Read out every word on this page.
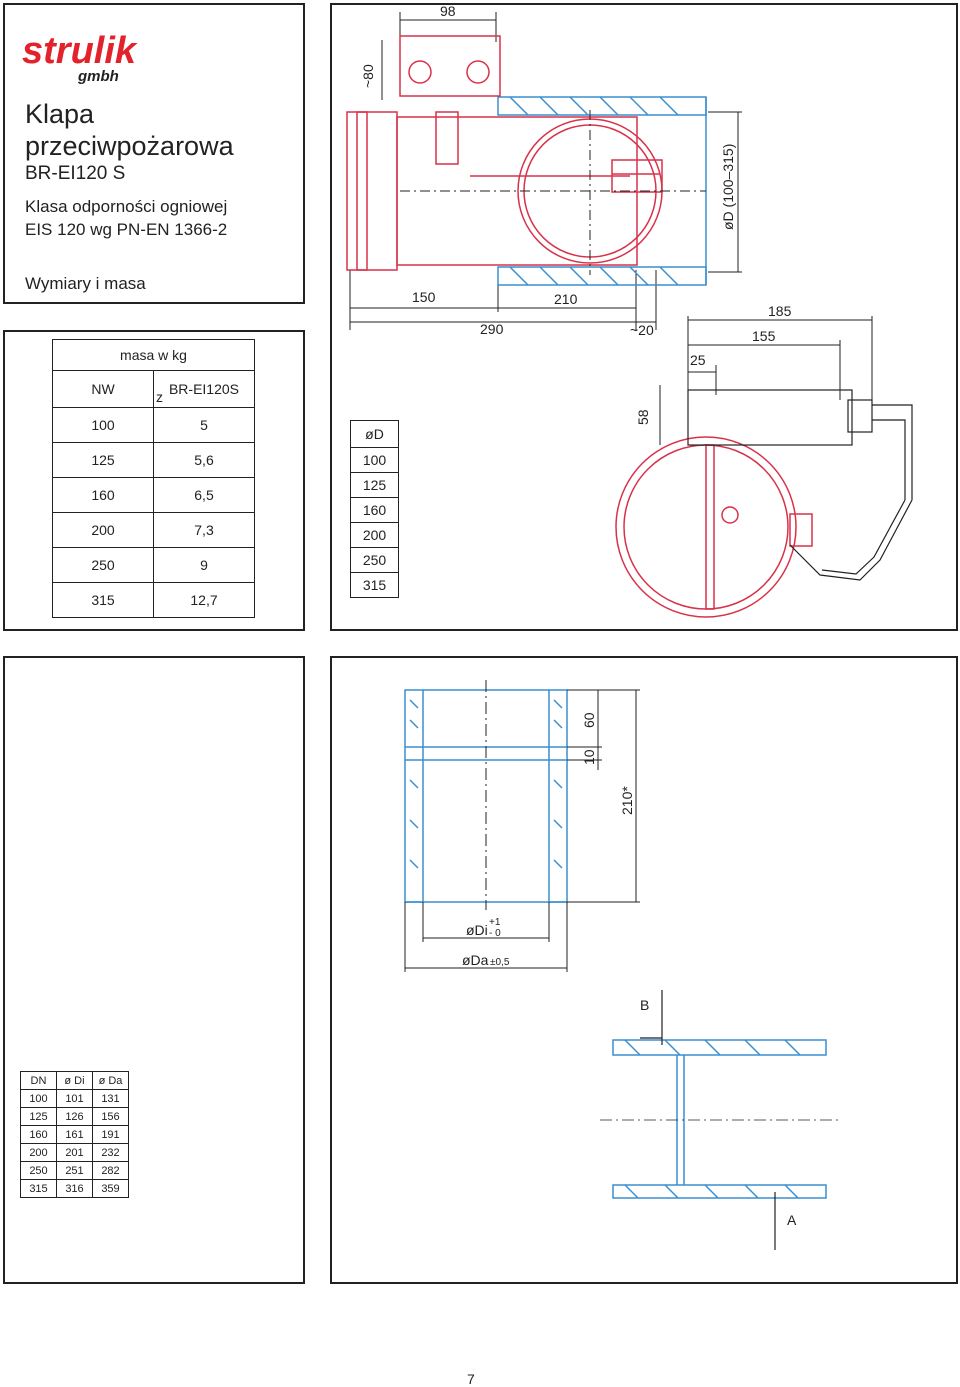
strulik
gmbh
Klapa
przeciwpożarowa
BR-EI120 S
Klasa odporności ogniowej
EIS 120 wg PN-EN 1366-2
Wymiary i masa
masa w kg	
NW	BR-EI120S
z

100	5
125	5,6
160	6,5
200	7,3
250	9
315	12,7
98
~80
øD (100–315)
150	210
290	~20
185
155
25
58
øD
100
125
160
200
250
315
DN	ø Di	ø Da
100	101	131
125	126	156
160	161	191
200	201	232
250	251	282
315	316	359
60
10
210*
øDi +1
- 0
øDa ±0,5
B
A
7
